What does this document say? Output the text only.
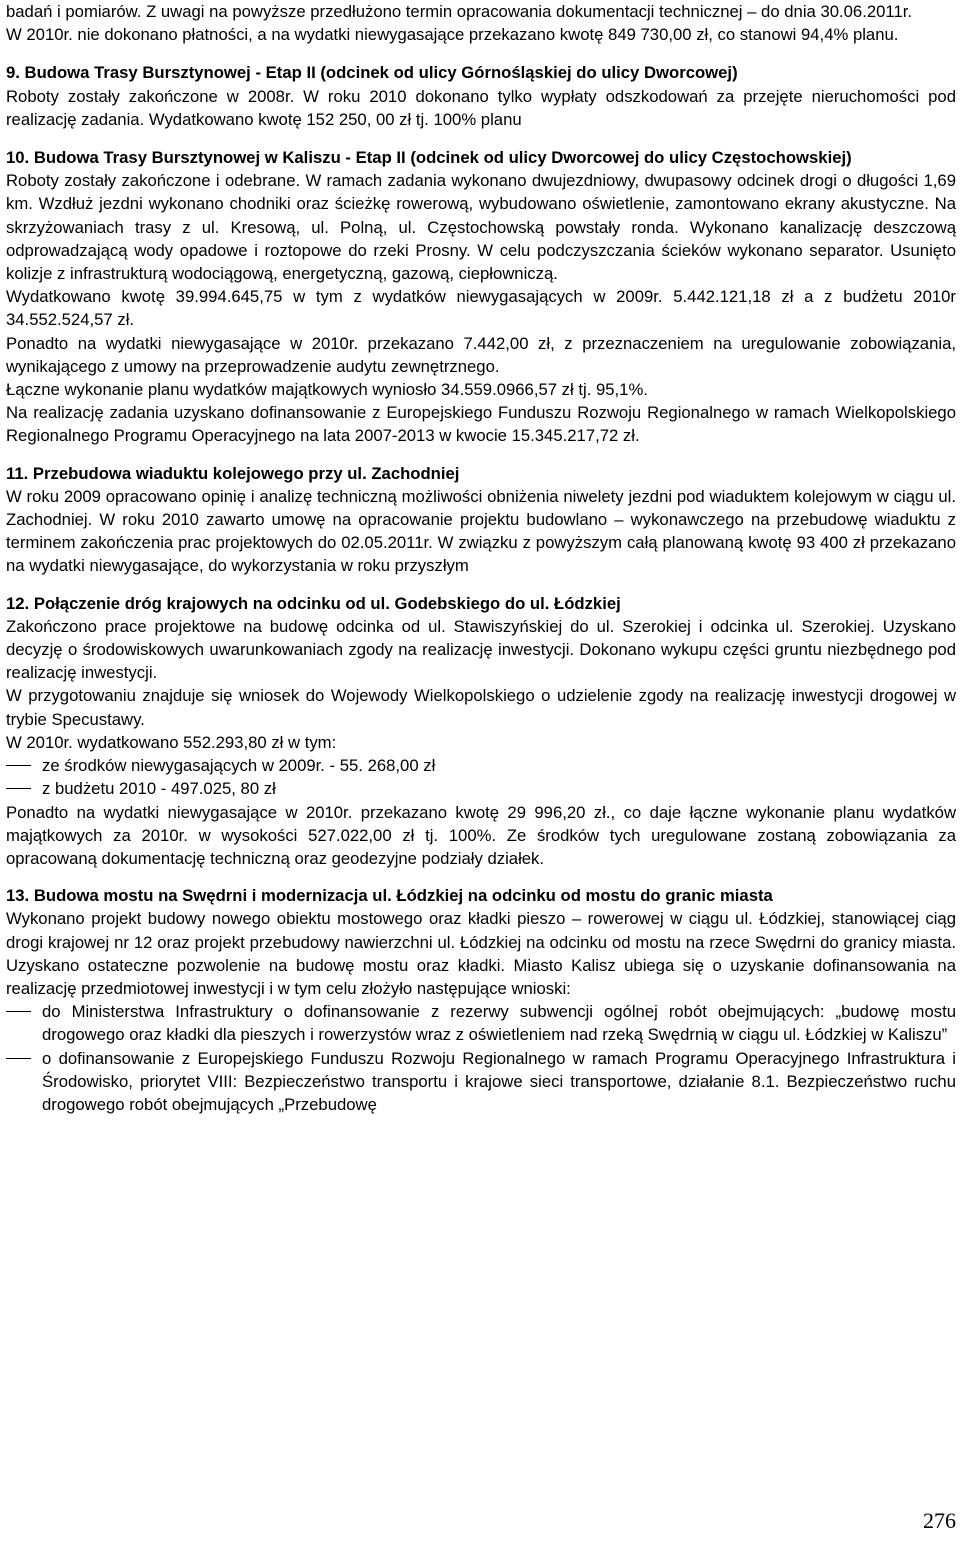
badań i pomiarów. Z uwagi na powyższe przedłużono termin opracowania dokumentacji technicznej – do dnia 30.06.2011r.

W 2010r. nie dokonano płatności, a na wydatki niewygasające przekazano kwotę 849 730,00 zł, co stanowi 94,4% planu.

9. Budowa Trasy Bursztynowej - Etap II (odcinek od ulicy Górnośląskiej do ulicy Dworcowej)

Roboty zostały zakończone w 2008r. W roku 2010 dokonano tylko wypłaty odszkodowań za przejęte nieruchomości pod realizację zadania. Wydatkowano kwotę 152 250, 00 zł tj. 100% planu

10. Budowa Trasy Bursztynowej w Kaliszu - Etap II (odcinek od ulicy Dworcowej do ulicy Częstochowskiej)

Roboty zostały zakończone i odebrane. W ramach zadania wykonano dwujezdniowy, dwupasowy odcinek drogi o długości 1,69 km. Wzdłuż jezdni wykonano chodniki oraz ścieżkę rowerową, wybudowano oświetlenie, zamontowano ekrany akustyczne. Na skrzyżowaniach trasy z ul. Kresową, ul. Polną, ul. Częstochowską powstały ronda. Wykonano kanalizację deszczową odprowadzającą wody opadowe i roztopowe do rzeki Prosny. W celu podczyszczania ścieków wykonano separator. Usunięto kolizje z infrastrukturą wodociągową, energetyczną, gazową, ciepłowniczą.

Wydatkowano kwotę 39.994.645,75 w tym z wydatków niewygasających w 2009r. 5.442.121,18 zł a z budżetu 2010r 34.552.524,57 zł.

Ponadto na wydatki niewygasające w 2010r. przekazano 7.442,00 zł, z przeznaczeniem na uregulowanie zobowiązania, wynikającego z umowy na przeprowadzenie audytu zewnętrznego.

Łączne wykonanie planu wydatków majątkowych wyniosło 34.559.0966,57 zł tj. 95,1%.

Na realizację zadania uzyskano dofinansowanie z Europejskiego Funduszu Rozwoju Regionalnego w ramach Wielkopolskiego Regionalnego Programu Operacyjnego na lata 2007-2013 w kwocie 15.345.217,72 zł.

11. Przebudowa wiaduktu kolejowego przy ul. Zachodniej

W roku 2009 opracowano opinię i analizę techniczną możliwości obniżenia niwelety jezdni pod wiaduktem kolejowym w ciągu ul. Zachodniej. W roku 2010 zawarto umowę na opracowanie projektu budowlano – wykonawczego na przebudowę wiaduktu z terminem zakończenia prac projektowych do 02.05.2011r. W związku z powyższym całą planowaną kwotę 93 400 zł przekazano na wydatki niewygasające, do wykorzystania w roku przyszłym

12. Połączenie dróg krajowych na odcinku od ul. Godebskiego do ul. Łódzkiej

Zakończono prace projektowe na budowę odcinka od ul. Stawiszyńskiej do ul. Szerokiej i odcinka ul. Szerokiej. Uzyskano decyzję o środowiskowych uwarunkowaniach zgody na realizację inwestycji. Dokonano wykupu części gruntu niezbędnego pod realizację inwestycji.

W przygotowaniu znajduje się wniosek do Wojewody Wielkopolskiego o udzielenie zgody na realizację inwestycji drogowej w trybie Specustawy.

W 2010r. wydatkowano 552.293,80 zł w tym:

ze środków niewygasających w 2009r. - 55. 268,00 zł
z budżetu 2010 - 497.025, 80 zł

Ponadto na wydatki niewygasające w 2010r. przekazano kwotę 29 996,20 zł., co daje łączne wykonanie planu wydatków majątkowych za 2010r. w wysokości 527.022,00 zł tj. 100%. Ze środków tych uregulowane zostaną zobowiązania za opracowaną dokumentację techniczną oraz geodezyjne podziały działek.

13. Budowa mostu na Swędrni i modernizacja ul. Łódzkiej na odcinku od mostu do granic miasta

Wykonano projekt budowy nowego obiektu mostowego oraz kładki pieszo – rowerowej w ciągu ul. Łódzkiej, stanowiącej ciąg drogi krajowej nr 12 oraz projekt przebudowy nawierzchni ul. Łódzkiej na odcinku od mostu na rzece Swędrni do granicy miasta. Uzyskano ostateczne pozwolenie na budowę mostu oraz kładki. Miasto Kalisz ubiega się o uzyskanie dofinansowania na realizację przedmiotowej inwestycji i w tym celu złożyło następujące wnioski:

do Ministerstwa Infrastruktury o dofinansowanie z rezerwy subwencji ogólnej robót obejmujących: „budowę mostu drogowego oraz kładki dla pieszych i rowerzystów wraz z oświetleniem nad rzeką Swędrnią w ciągu ul. Łódzkiej w Kaliszu”
o dofinansowanie z Europejskiego Funduszu Rozwoju Regionalnego w ramach Programu Operacyjnego Infrastruktura i Środowisko, priorytet VIII: Bezpieczeństwo transportu i krajowe sieci transportowe, działanie 8.1. Bezpieczeństwo ruchu drogowego robót obejmujących „Przebudowę
276
